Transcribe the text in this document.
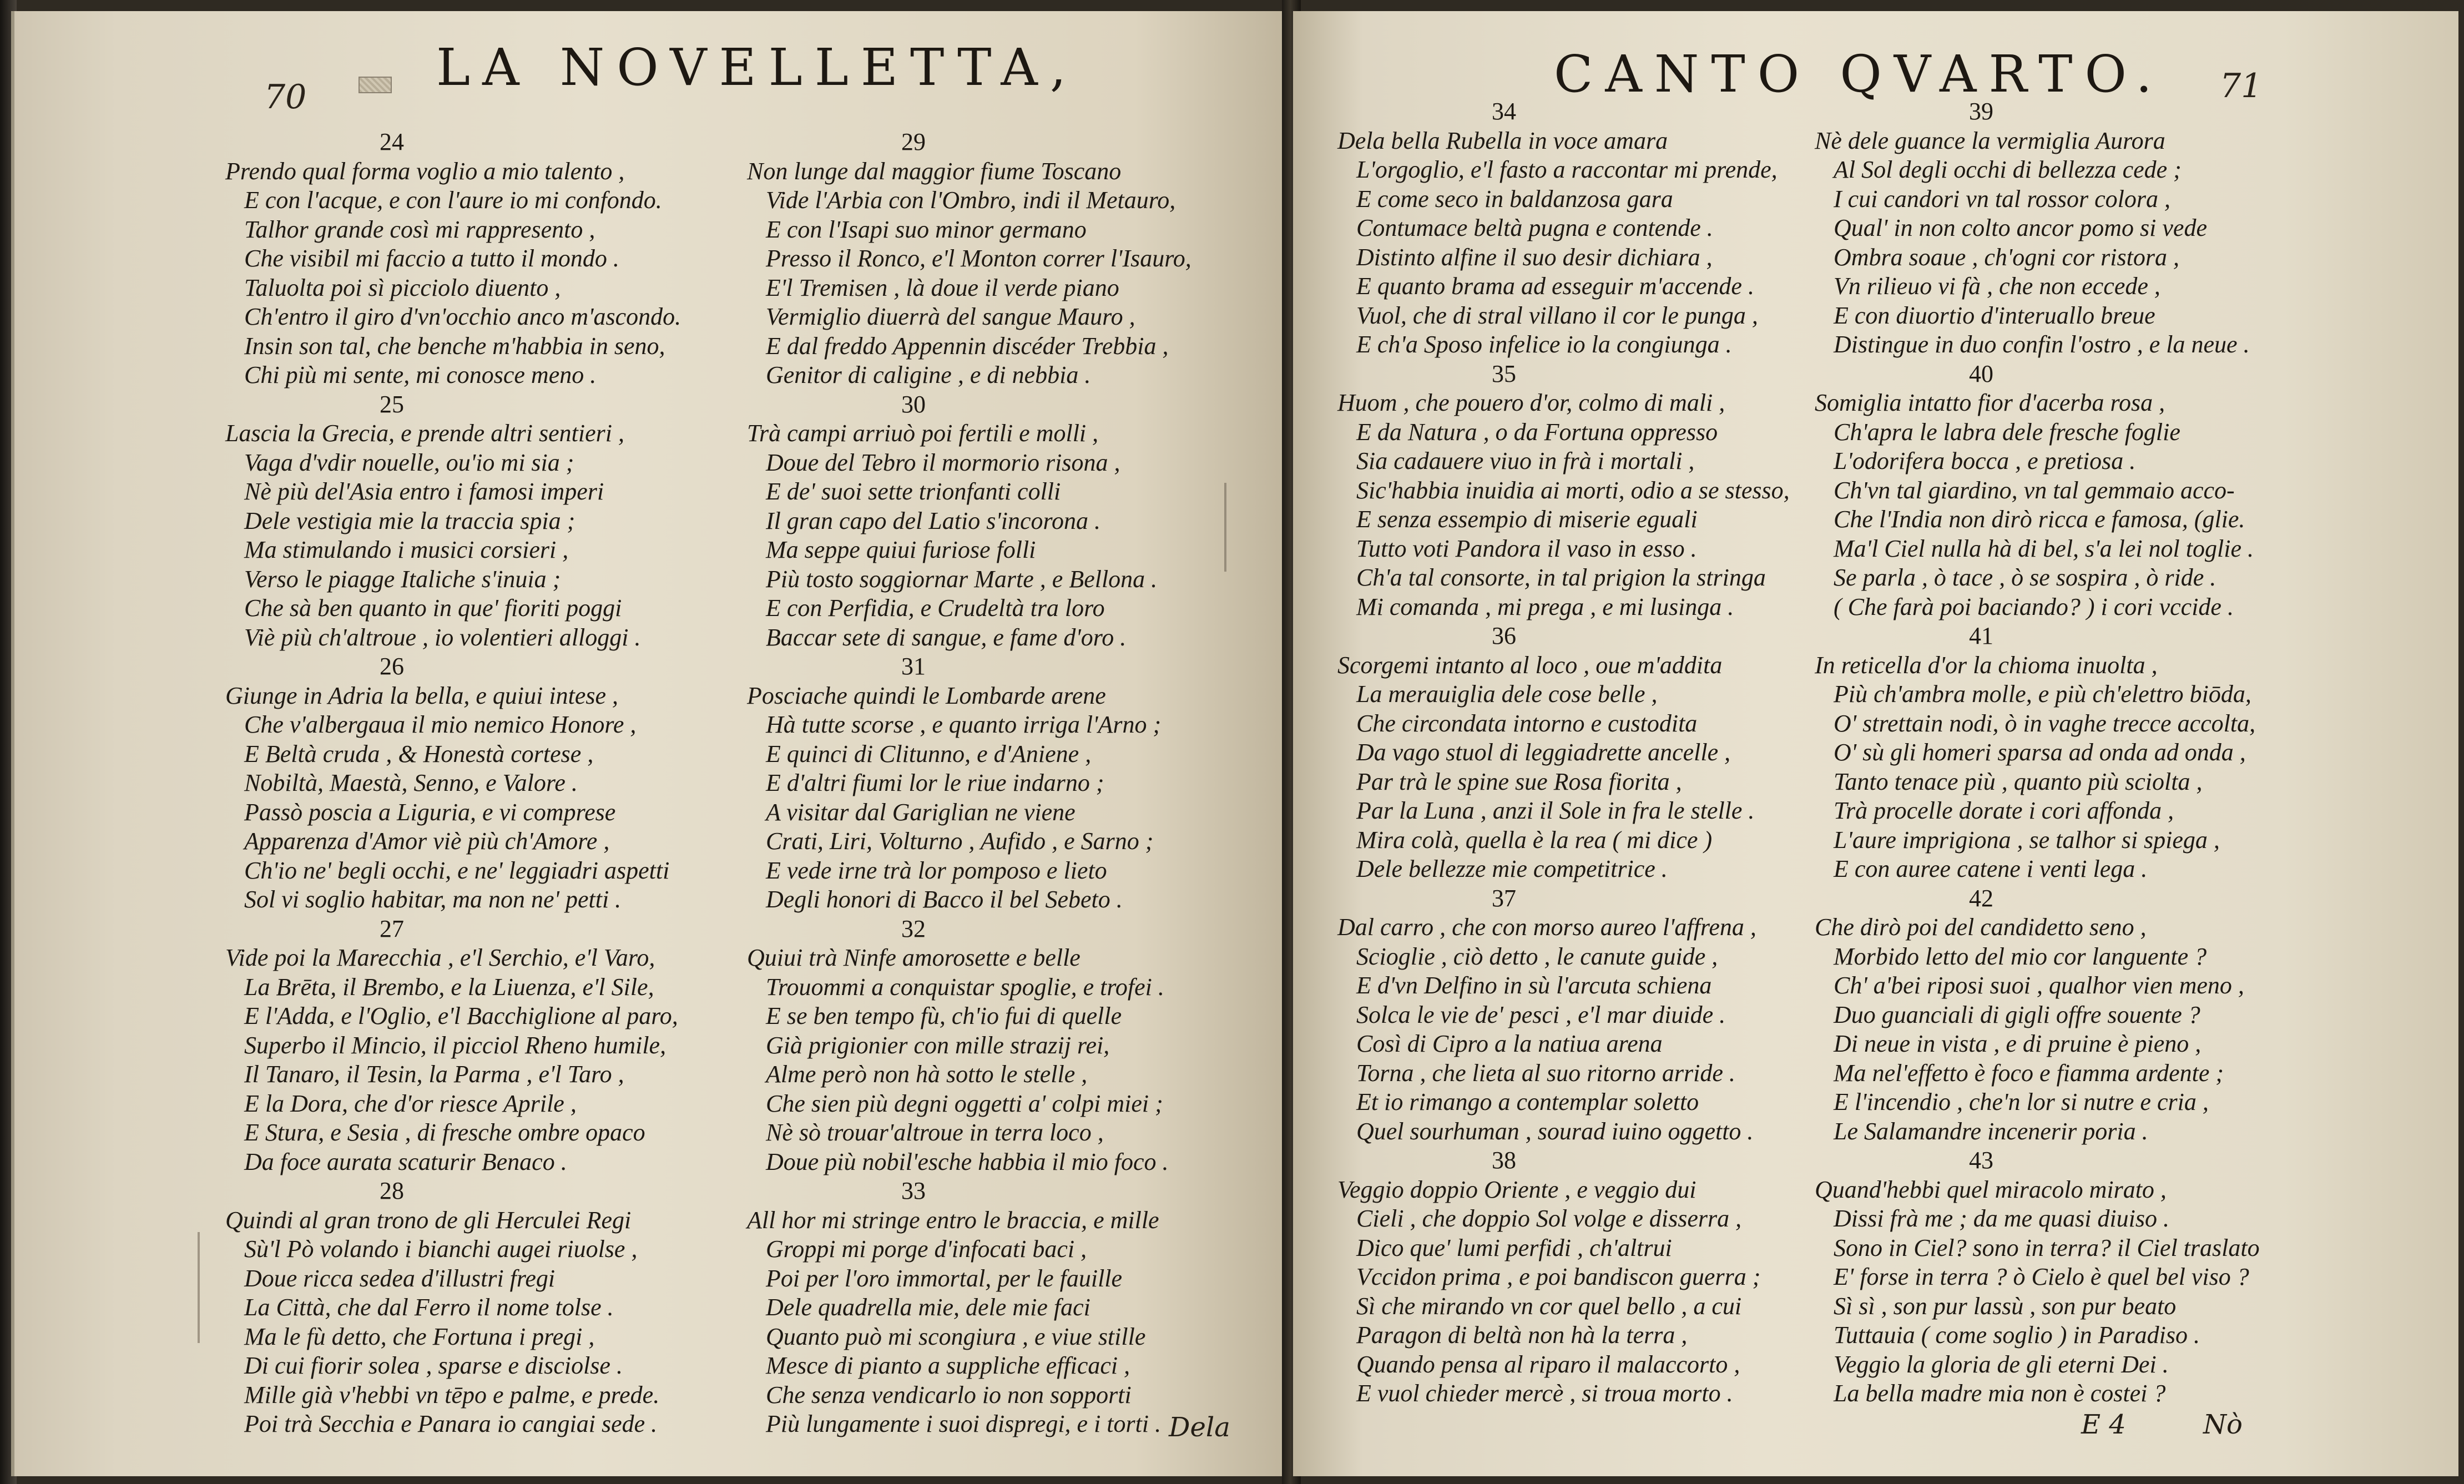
70	LA NOVELLETTA,
24
Prendo qual forma voglio a mio talento ,
E con l'acque, e con l'aure io mi confondo.
Talhor grande così mi rappresento ,
Che visibil mi faccio a tutto il mondo .
Taluolta poi sì picciolo diuento ,
Ch'entro il giro d'vn'occhio anco m'ascondo.
Insin son tal, che benche m'habbia in seno,
Chi più mi sente, mi conosce meno .
25
Lascia la Grecia, e prende altri sentieri ,
Vaga d'vdir nouelle, ou'io mi sia ;
Nè più del'Asia entro i famosi imperi
Dele vestigia mie la traccia spia ;
Ma stimulando i musici corsieri ,
Verso le piagge Italiche s'inuia ;
Che sà ben quanto in que' fioriti poggi
Viè più ch'altroue , io volentieri alloggi .
26
Giunge in Adria la bella, e quiui intese ,
Che v'albergaua il mio nemico Honore ,
E Beltà cruda , & Honestà cortese ,
Nobiltà, Maestà, Senno, e Valore .
Passò poscia a Liguria, e vi comprese
Apparenza d'Amor viè più ch'Amore ,
Ch'io ne' begli occhi, e ne' leggiadri aspetti
Sol vi soglio habitar, ma non ne' petti .
27
Vide poi la Marecchia , e'l Serchio, e'l Varo,
La Brēta, il Brembo, e la Liuenza, e'l Sile,
E l'Adda, e l'Oglio, e'l Bacchiglione al paro,
Superbo il Mincio, il picciol Rheno humile,
Il Tanaro, il Tesin, la Parma , e'l Taro ,
E la Dora, che d'or riesce Aprile ,
E Stura, e Sesia , di fresche ombre opaco
Da foce aurata scaturir Benaco .
28
Quindi al gran trono de gli Herculei Regi
Sù'l Pò volando i bianchi augei riuolse ,
Doue ricca sedea d'illustri fregi
La Città, che dal Ferro il nome tolse .
Ma le fù detto, che Fortuna i pregi ,
Di cui fiorir solea , sparse e disciolse .
Mille già v'hebbi vn tēpo e palme, e prede.
Poi trà Secchia e Panara io cangiai sede .
29
Non lunge dal maggior fiume Toscano
Vide l'Arbia con l'Ombro, indi il Metauro,
E con l'Isapi suo minor germano
Presso il Ronco, e'l Monton correr l'Isauro,
E'l Tremisen , là doue il verde piano
Vermiglio diuerrà del sangue Mauro ,
E dal freddo Appennin discéder Trebbia ,
Genitor di caligine , e di nebbia .
30
Trà campi arriuò poi fertili e molli ,
Doue del Tebro il mormorio risona ,
E de' suoi sette trionfanti colli
Il gran capo del Latio s'incorona .
Ma seppe quiui furiose folli
Più tosto soggiornar Marte , e Bellona .
E con Perfidia, e Crudeltà tra loro
Baccar sete di sangue, e fame d'oro .
31
Posciache quindi le Lombarde arene
Hà tutte scorse , e quanto irriga l'Arno ;
E quinci di Clitunno, e d'Aniene ,
E d'altri fiumi lor le riue indarno ;
A visitar dal Gariglian ne viene
Crati, Liri, Volturno , Aufido , e Sarno ;
E vede irne trà lor pomposo e lieto
Degli honori di Bacco il bel Sebeto .
32
Quiui trà Ninfe amorosette e belle
Trouommi a conquistar spoglie, e trofei .
E se ben tempo fù, ch'io fui di quelle
Già prigionier con mille strazij rei,
Alme però non hà sotto le stelle ,
Che sien più degni oggetti a' colpi miei ;
Nè sò trouar'altroue in terra loco ,
Doue più nobil'esche habbia il mio foco .
33
All hor mi stringe entro le braccia, e mille
Groppi mi porge d'infocati baci ,
Poi per l'oro immortal, per le fauille
Dele quadrella mie, dele mie faci
Quanto può mi scongiura , e viue stille
Mesce di pianto a suppliche efficaci ,
Che senza vendicarlo io non sopporti
Più lungamente i suoi dispregi, e i torti . Dela
CANTO QVARTO. 71
34
Dela bella Rubella in voce amara
L'orgoglio, e'l fasto a raccontar mi prende,
E come seco in baldanzosa gara
Contumace beltà pugna e contende .
Distinto alfine il suo desir dichiara ,
E quanto brama ad esseguir m'accende .
Vuol, che di stral villano il cor le punga ,
E ch'a Sposo infelice io la congiunga .
35
Huom , che pouero d'or, colmo di mali ,
E da Natura , o da Fortuna oppresso
Sia cadauere viuo in frà i mortali ,
Sic'habbia inuidia ai morti, odio a se stesso,
E senza essempio di miserie eguali
Tutto voti Pandora il vaso in esso .
Ch'a tal consorte, in tal prigion la stringa
Mi comanda , mi prega , e mi lusinga .
36
Scorgemi intanto al loco , oue m'addita
La merauiglia dele cose belle ,
Che circondata intorno e custodita
Da vago stuol di leggiadrette ancelle ,
Par trà le spine sue Rosa fiorita ,
Par la Luna , anzi il Sole in fra le stelle .
Mira colà, quella è la rea ( mi dice )
Dele bellezze mie competitrice .
37
Dal carro , che con morso aureo l'affrena ,
Scioglie , ciò detto , le canute guide ,
E d'vn Delfino in sù l'arcuta schiena
Solca le vie de' pesci , e'l mar diuide .
Così di Cipro a la natiua arena
Torna , che lieta al suo ritorno arride .
Et io rimango a contemplar soletto
Quel sourhuman , sourad iuino oggetto .
38
Veggio doppio Oriente , e veggio dui
Cieli , che doppio Sol volge e disserra ,
Dico que' lumi perfidi , ch'altrui
Vccidon prima , e poi bandiscon guerra ;
Sì che mirando vn cor quel bello , a cui
Paragon di beltà non hà la terra ,
Quando pensa al riparo il malaccorto ,
E vuol chieder mercè , si troua morto .
39
Nè dele guance la vermiglia Aurora
Al Sol degli occhi di bellezza cede ;
I cui candori vn tal rossor colora ,
Qual' in non colto ancor pomo si vede
Ombra soaue , ch'ogni cor ristora ,
Vn rilieuo vi fà , che non eccede ,
E con diuortio d'interuallo breue
Distingue in duo confin l'ostro , e la neue .
40
Somiglia intatto fior d'acerba rosa ,
Ch'apra le labra dele fresche foglie
L'odorifera bocca , e pretiosa .
Ch'vn tal giardino, vn tal gemmaio acco-
Che l'India non dirò ricca e famosa, (glie.
Ma'l Ciel nulla hà di bel, s'a lei nol toglie .
Se parla , ò tace , ò se sospira , ò ride .
( Che farà poi baciando? ) i cori vccide .
41
In reticella d'or la chioma inuolta ,
Più ch'ambra molle, e più ch'elettro biōda,
O' strettain nodi, ò in vaghe trecce accolta,
O' sù gli homeri sparsa ad onda ad onda ,
Tanto tenace più , quanto più sciolta ,
Trà procelle dorate i cori affonda ,
L'aure imprigiona , se talhor si spiega ,
E con auree catene i venti lega .
42
Che dirò poi del candidetto seno ,
Morbido letto del mio cor languente ?
Ch' a'bei riposi suoi , qualhor vien meno ,
Duo guanciali di gigli offre souente ?
Di neue in vista , e di pruine è pieno ,
Ma nel'effetto è foco e fiamma ardente ;
E l'incendio , che'n lor si nutre e cria ,
Le Salamandre incenerir poria .
43
Quand'hebbi quel miracolo mirato ,
Dissi frà me ; da me quasi diuiso .
Sono in Ciel? sono in terra? il Ciel traslato
E' forse in terra ? ò Cielo è quel bel viso ?
Sì sì , son pur lassù , son pur beato
Tuttauia ( come soglio ) in Paradiso .
Veggio la gloria de gli eterni Dei .
La bella madre mia non è costei ?
E 4	Nò
